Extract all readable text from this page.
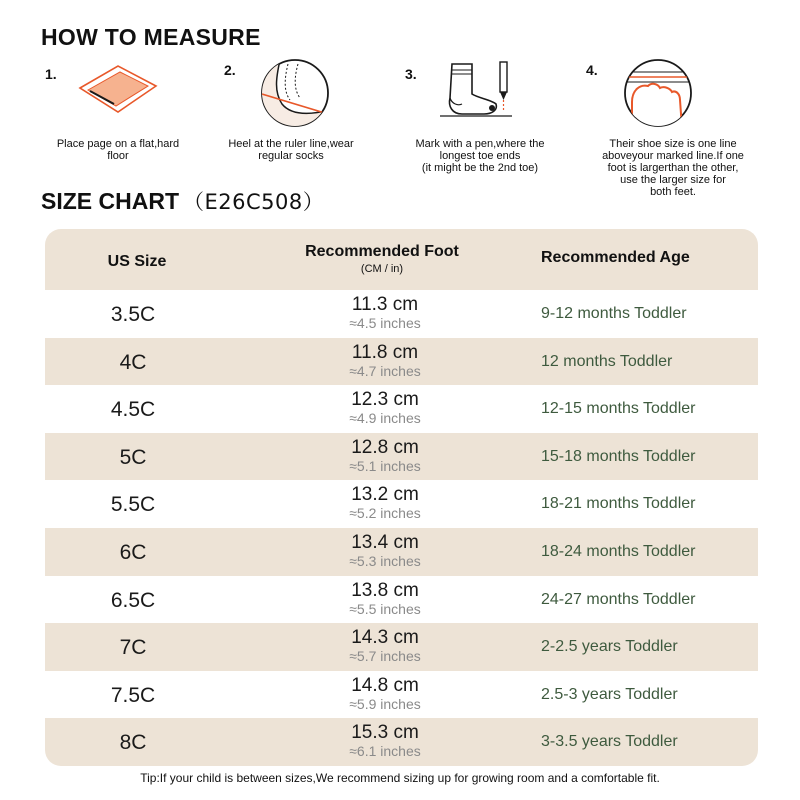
HOW TO MEASURE
1.
Place page on a flat,hard
floor
2.
Heel at the ruler line,wear
regular socks
3.
Mark with a pen,where the
longest toe ends
(it might be the 2nd toe)
4.
Their shoe size is one line
aboveyour marked line.If one
foot is largerthan the other,
use the larger size for
both feet.
SIZE CHART （E26C508）
US Size
Recommended Foot
(CM / in)
Recommended Age
3.5C	11.3 cm
≈4.5 inches
9-12 months Toddler
4C	11.8 cm
≈4.7 inches
12 months Toddler
4.5C	12.3 cm
≈4.9 inches
12-15 months Toddler
5C	12.8 cm
≈5.1 inches
15-18 months Toddler
5.5C	13.2 cm
≈5.2 inches
18-21 months Toddler
6C	13.4 cm
≈5.3 inches
18-24 months Toddler
6.5C	13.8 cm
≈5.5 inches
24-27 months Toddler
7C	14.3 cm
≈5.7 inches
2-2.5 years Toddler
7.5C	14.8 cm
≈5.9 inches
2.5-3 years Toddler
8C	15.3 cm
≈6.1 inches
3-3.5 years Toddler
Tip:If your child is between sizes,We recommend sizing up for growing room and a comfortable fit.
